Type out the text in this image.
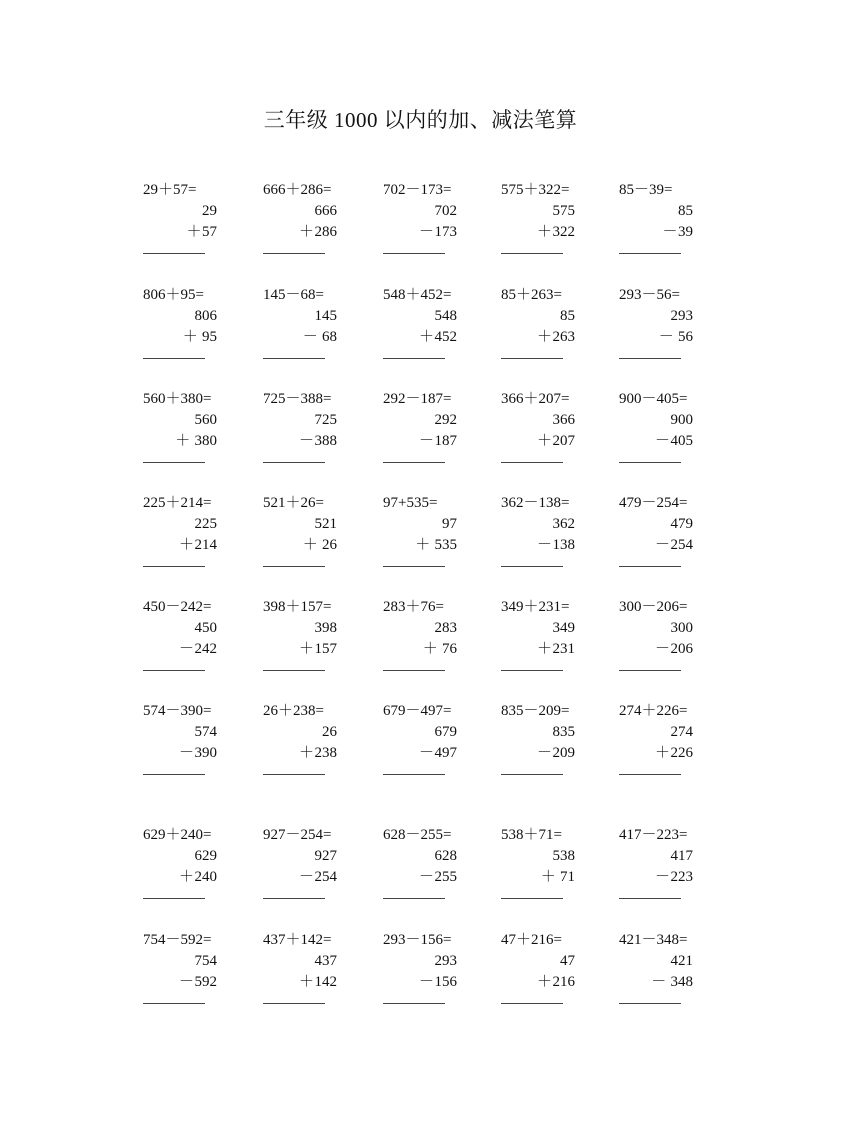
三年级 1000 以内的加、减法笔算
29＋57=
29
＋57
666＋286=
666
＋286
702－173=
702
－173
575＋322=
575
＋322
85－39=
85
－39
806＋95=
806
＋ 95
145－68=
145
－ 68
548＋452=
548
＋452
85＋263=
85
＋263
293－56=
293
－ 56
560＋380=
560
＋ 380
725－388=
725
－388
292－187=
292
－187
366＋207=
366
＋207
900－405=
900
－405
225＋214=
225
＋214
521＋26=
521
＋ 26
97+535=
97
＋ 535
362－138=
362
－138
479－254=
479
－254
450－242=
450
－242
398＋157=
398
＋157
283＋76=
283
＋ 76
349＋231=
349
＋231
300－206=
300
－206
574－390=
574
－390
26＋238=
26
＋238
679－497=
679
－497
835－209=
835
－209
274＋226=
274
＋226
629＋240=
629
＋240
927－254=
927
－254
628－255=
628
－255
538＋71=
538
＋ 71
417－223=
417
－223
754－592=
754
－592
437＋142=
437
＋142
293－156=
293
－156
47＋216=
47
＋216
421－348=
421
－ 348
